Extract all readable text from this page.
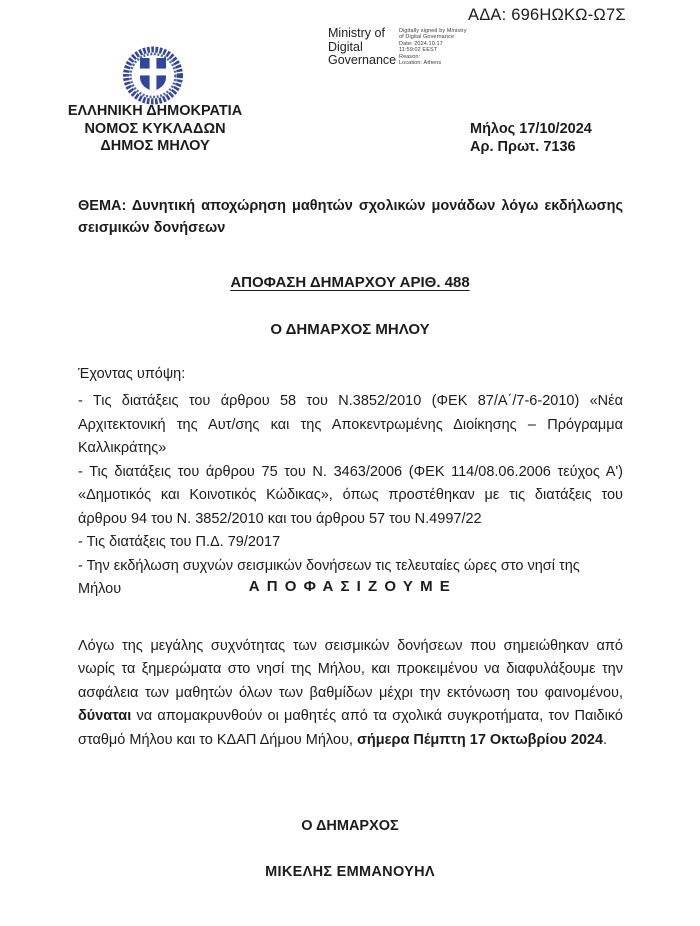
ΑΔΑ: 696ΗΩΚΩ-Ω7Σ
Ministry of
Digital
Governance
Digitally signed by Ministry
of Digital Governance
Date: 2024.10.17
11:59:02 EEST
Reason:
Location: Athens
ΕΛΛΗΝΙΚΗ ΔΗΜΟΚΡΑΤΙΑ
ΝΟΜΟΣ ΚΥΚΛΑΔΩΝ
ΔΗΜΟΣ ΜΗΛΟΥ
Μήλος 17/10/2024
Αρ. Πρωτ. 7136

ΘΕΜΑ: Δυνητική αποχώρηση μαθητών σχολικών μονάδων λόγω εκδήλωσης σεισμικών δονήσεων

ΑΠΟΦΑΣΗ ΔΗΜΑΡΧΟΥ ΑΡΙΘ. 488
Ο ΔΗΜΑΡΧΟΣ ΜΗΛΟΥ
Έχοντας υπόψη:
- Τις διατάξεις του άρθρου 58 του Ν.3852/2010 (ΦΕΚ 87/Α΄/7-6-2010) «Νέα Αρχιτεκτονική της Αυτ/σης και της Αποκεντρωμένης Διοίκησης – Πρόγραμμα Καλλικράτης»
- Τις διατάξεις του άρθρου 75 του Ν. 3463/2006 (ΦΕΚ 114/08.06.2006 τεύχος Α') «Δημοτικός και Κοινοτικός Κώδικας», όπως προστέθηκαν με τις διατάξεις του άρθρου 94 του Ν. 3852/2010 και του άρθρου 57 του Ν.4997/22
- Τις διατάξεις του Π.Δ. 79/2017
- Την εκδήλωση συχνών σεισμικών δονήσεων τις τελευταίες ώρες στο νησί της Μήλου	Α Π Ο Φ Α Σ Ι Ζ Ο Υ Μ Ε

Λόγω της μεγάλης συχνότητας των σεισμικών δονήσεων που σημειώθηκαν από νωρίς τα ξημερώματα στο νησί της Μήλου, και προκειμένου να διαφυλάξουμε την ασφάλεια των μαθητών όλων των βαθμίδων μέχρι την εκτόνωση του φαινομένου, δύναται να απομακρυνθούν οι μαθητές από τα σχολικά συγκροτήματα, τον Παιδικό σταθμό Μήλου και το ΚΔΑΠ Δήμου Μήλου, σήμερα Πέμπτη 17 Οκτωβρίου 2024.

Ο ΔΗΜΑΡΧΟΣ
ΜΙΚΕΛΗΣ ΕΜΜΑΝΟΥΗΛ
